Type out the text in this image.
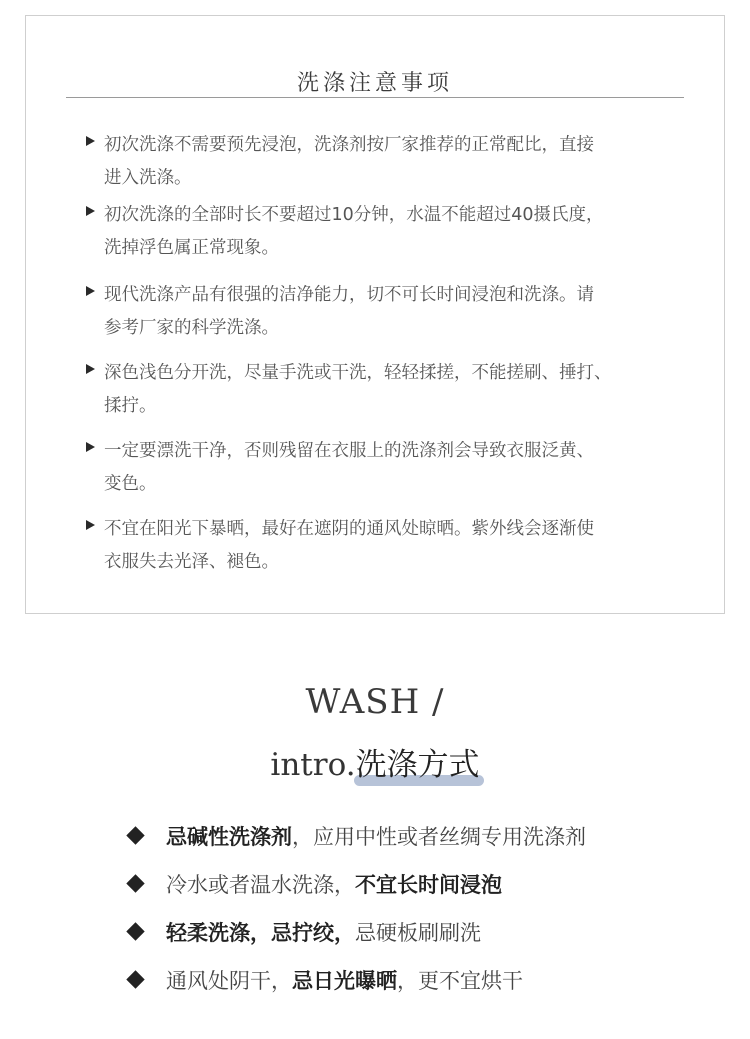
洗涤注意事项
初次洗涤不需要预先浸泡，洗涤剂按厂家推荐的正常配比，直接
进入洗涤。
初次洗涤的全部时长不要超过10分钟，水温不能超过40摄氏度，
洗掉浮色属正常现象。
现代洗涤产品有很强的洁净能力，切不可长时间浸泡和洗涤。请
参考厂家的科学洗涤。
深色浅色分开洗，尽量手洗或干洗，轻轻揉搓，不能搓刷、捶打、
揉拧。
一定要漂洗干净，否则残留在衣服上的洗涤剂会导致衣服泛黄、
变色。
不宜在阳光下暴晒，最好在遮阴的通风处晾晒。紫外线会逐渐使
衣服失去光泽、褪色。
WASH /
intro.
洗涤方式
忌碱性洗涤剂，应用中性或者丝绸专用洗涤剂
冷水或者温水洗涤，不宜长时间浸泡
轻柔洗涤，忌拧绞，忌硬板刷刷洗
通风处阴干，忌日光曝晒，更不宜烘干
